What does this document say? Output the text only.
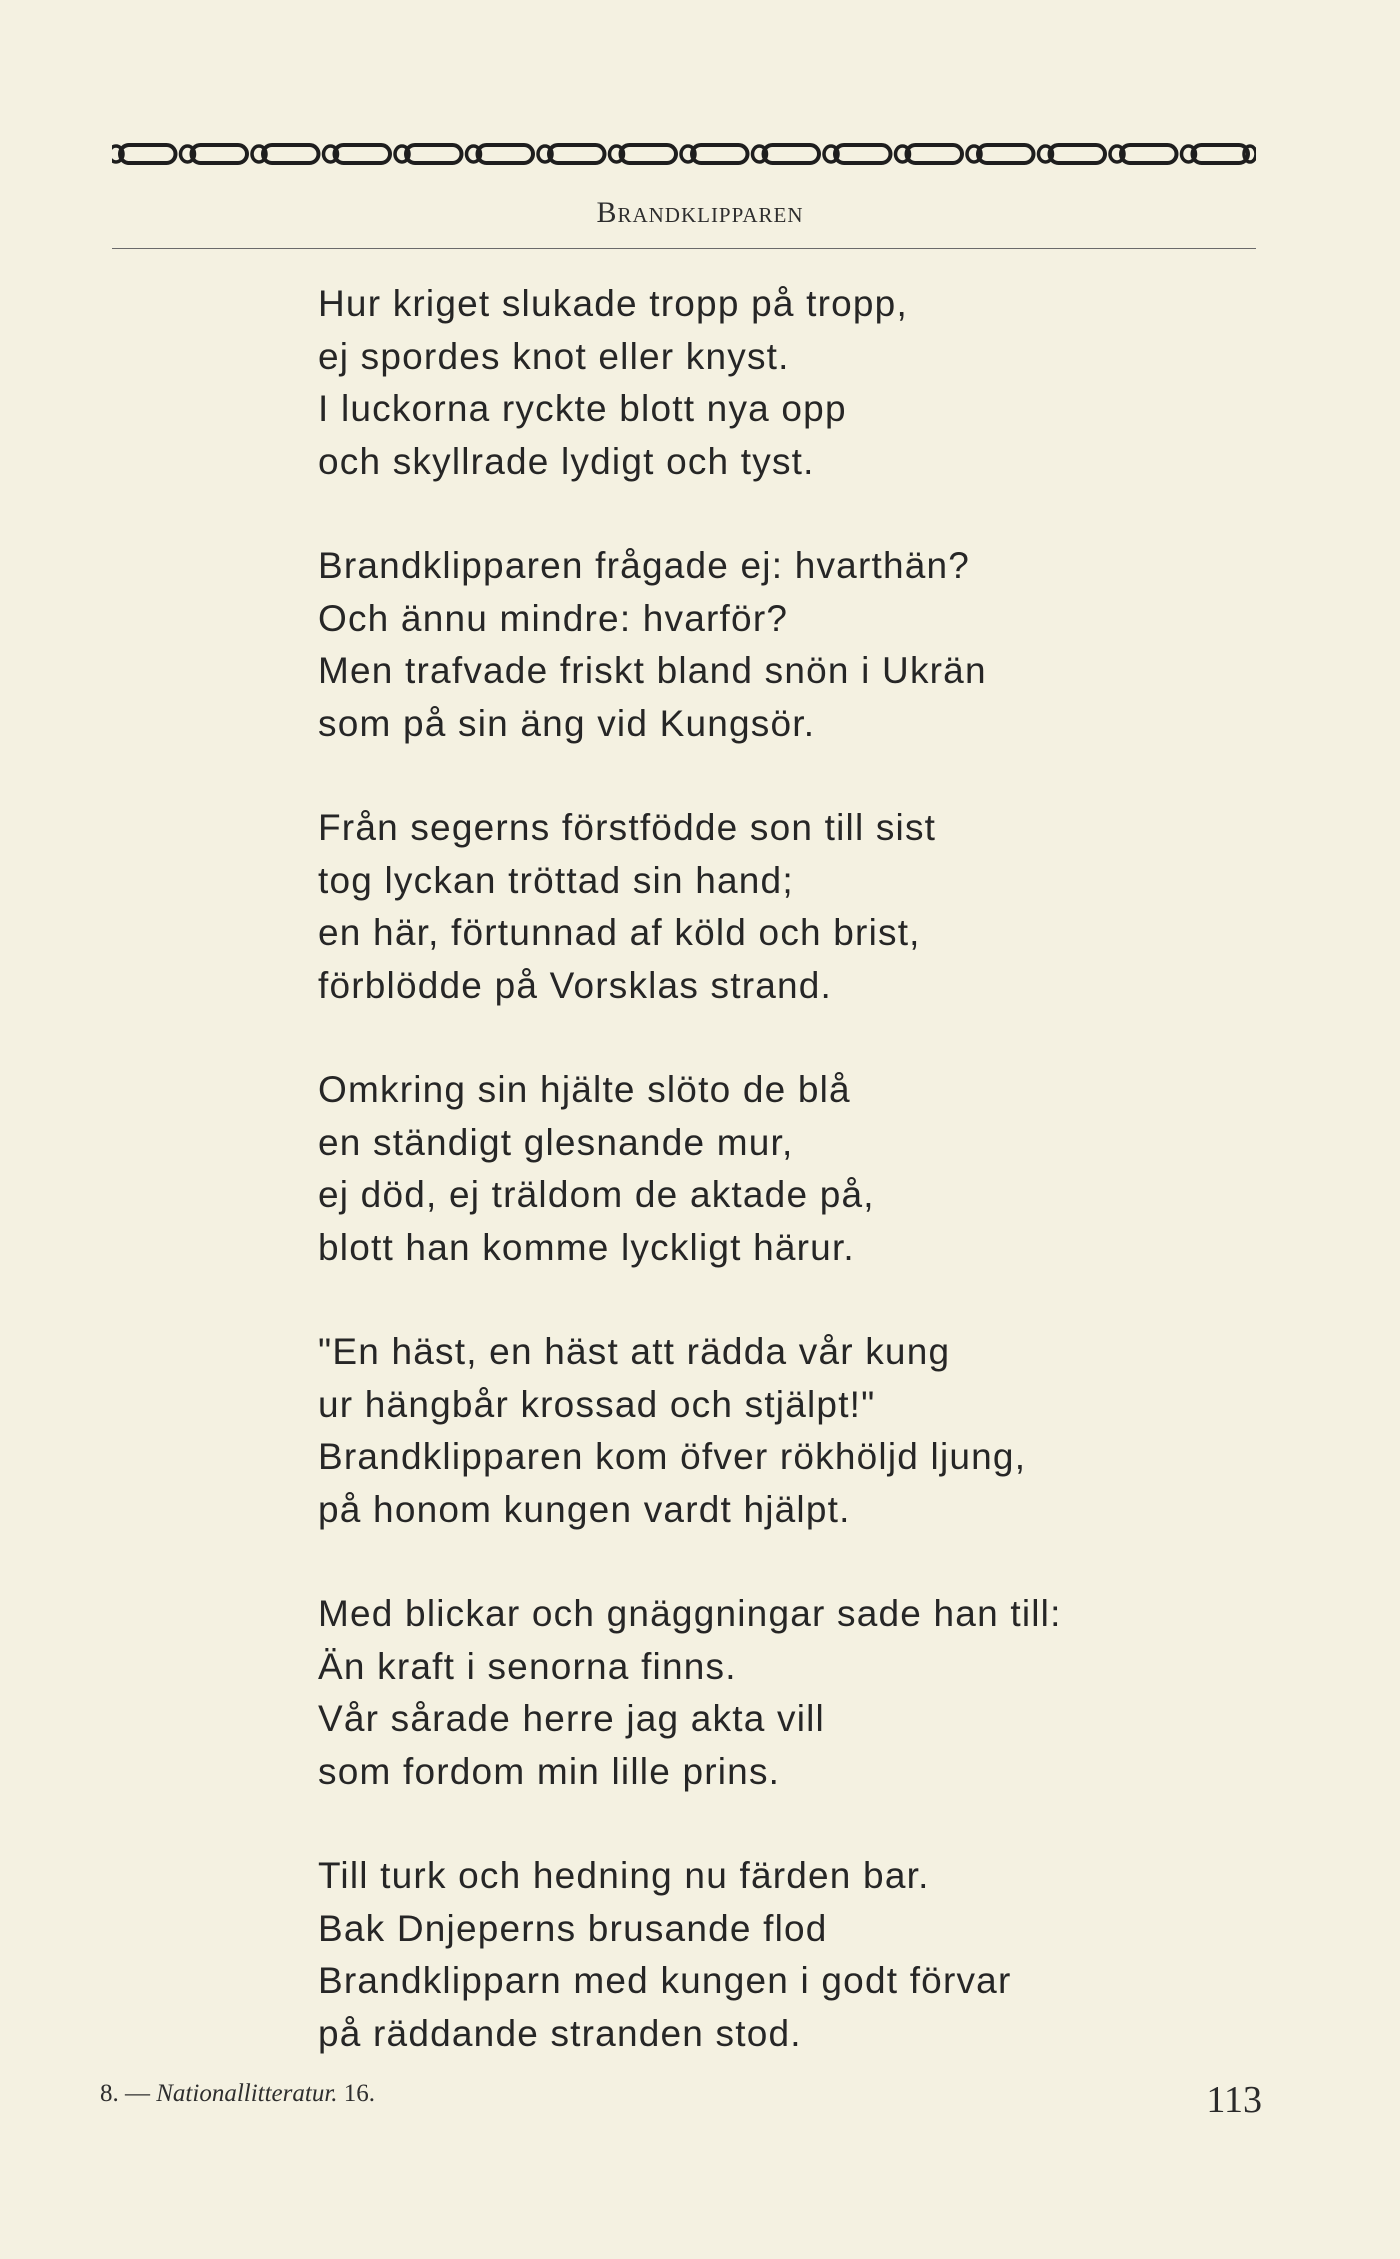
Brandklipparen
Hur kriget slukade tropp på tropp,
ej spordes knot eller knyst.
I luckorna ryckte blott nya opp
och skyllrade lydigt och tyst.
Brandklipparen frågade ej: hvarthän?
Och ännu mindre: hvarför?
Men trafvade friskt bland snön i Ukrän
som på sin äng vid Kungsör.
Från segerns förstfödde son till sist
tog lyckan tröttad sin hand;
en här, förtunnad af köld och brist,
förblödde på Vorsklas strand.
Omkring sin hjälte slöto de blå
en ständigt glesnande mur,
ej död, ej träldom de aktade på,
blott han komme lyckligt härur.
"En häst, en häst att rädda vår kung
ur hängbår krossad och stjälpt!"
Brandklipparen kom öfver rökhöljd ljung,
på honom kungen vardt hjälpt.
Med blickar och gnäggningar sade han till:
Än kraft i senorna finns.
Vår sårade herre jag akta vill
som fordom min lille prins.
Till turk och hedning nu färden bar.
Bak Dnjeperns brusande flod
Brandklipparn med kungen i godt förvar
på räddande stranden stod.
8. — Nationallitteratur. 16.	113
